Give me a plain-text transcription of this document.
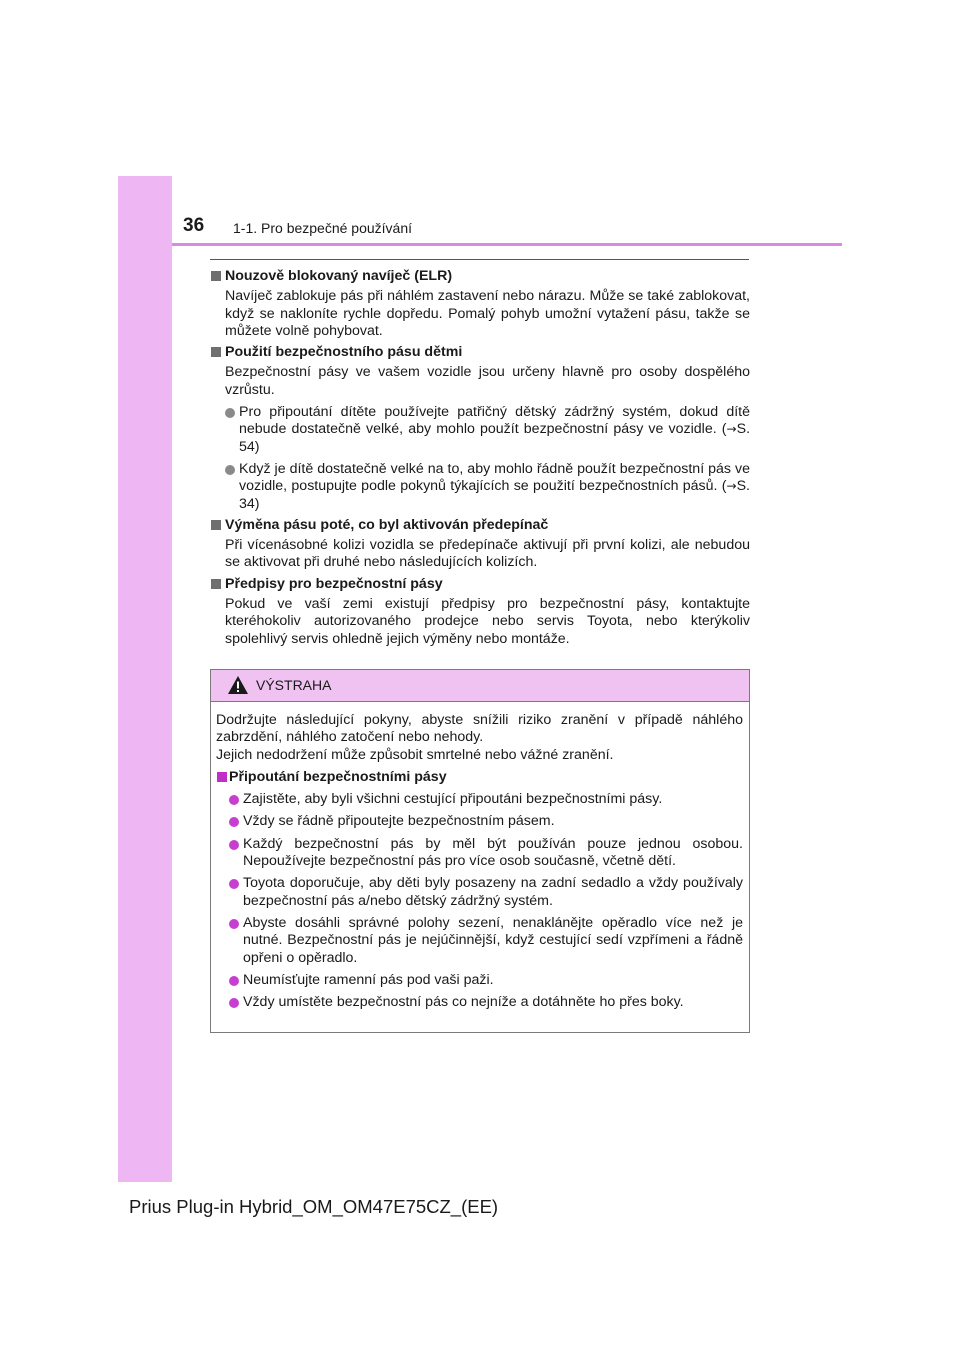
36 1-1. Pro bezpečné používání
Nouzově blokovaný navíječ (ELR)
Navíječ zablokuje pás při náhlém zastavení nebo nárazu. Může se také zablokovat, když se nakloníte rychle dopředu. Pomalý pohyb umožní vytažení pásu, takže se můžete volně pohybovat.
Použití bezpečnostního pásu dětmi
Bezpečnostní pásy ve vašem vozidle jsou určeny hlavně pro osoby dospělého vzrůstu.
Pro připoutání dítěte používejte patřičný dětský zádržný systém, dokud dítě nebude dostatečně velké, aby mohlo použít bezpečnostní pásy ve vozidle. (→S. 54)
Když je dítě dostatečně velké na to, aby mohlo řádně použít bezpečnostní pás ve vozidle, postupujte podle pokynů týkajících se použití bezpečnostních pásů. (→S. 34)
Výměna pásu poté, co byl aktivován předepínač
Při vícenásobné kolizi vozidla se předepínače aktivují při první kolizi, ale nebudou se aktivovat při druhé nebo následujících kolizích.
Předpisy pro bezpečnostní pásy
Pokud ve vaší zemi existují předpisy pro bezpečnostní pásy, kontaktujte kteréhokoliv autorizovaného prodejce nebo servis Toyota, nebo kterýkoliv spolehlivý servis ohledně jejich výměny nebo montáže.
VÝSTRAHA
Dodržujte následující pokyny, abyste snížili riziko zranění v případě náhlého zabrzdění, náhlého zatočení nebo nehody.
Jejich nedodržení může způsobit smrtelné nebo vážné zranění.
Připoutání bezpečnostními pásy
Zajistěte, aby byli všichni cestující připoutáni bezpečnostními pásy.
Vždy se řádně připoutejte bezpečnostním pásem.
Každý bezpečnostní pás by měl být používán pouze jednou osobou. Nepoužívejte bezpečnostní pás pro více osob současně, včetně dětí.
Toyota doporučuje, aby děti byly posazeny na zadní sedadlo a vždy používaly bezpečnostní pás a/nebo dětský zádržný systém.
Abyste dosáhli správné polohy sezení, nenaklánějte opěradlo více než je nutné. Bezpečnostní pás je nejúčinnější, když cestující sedí vzpřímeni a řádně opřeni o opěradlo.
Neumísťujte ramenní pás pod vaši paži.
Vždy umístěte bezpečnostní pás co nejníže a dotáhněte ho přes boky.
Prius Plug-in Hybrid_OM_OM47E75CZ_(EE)
